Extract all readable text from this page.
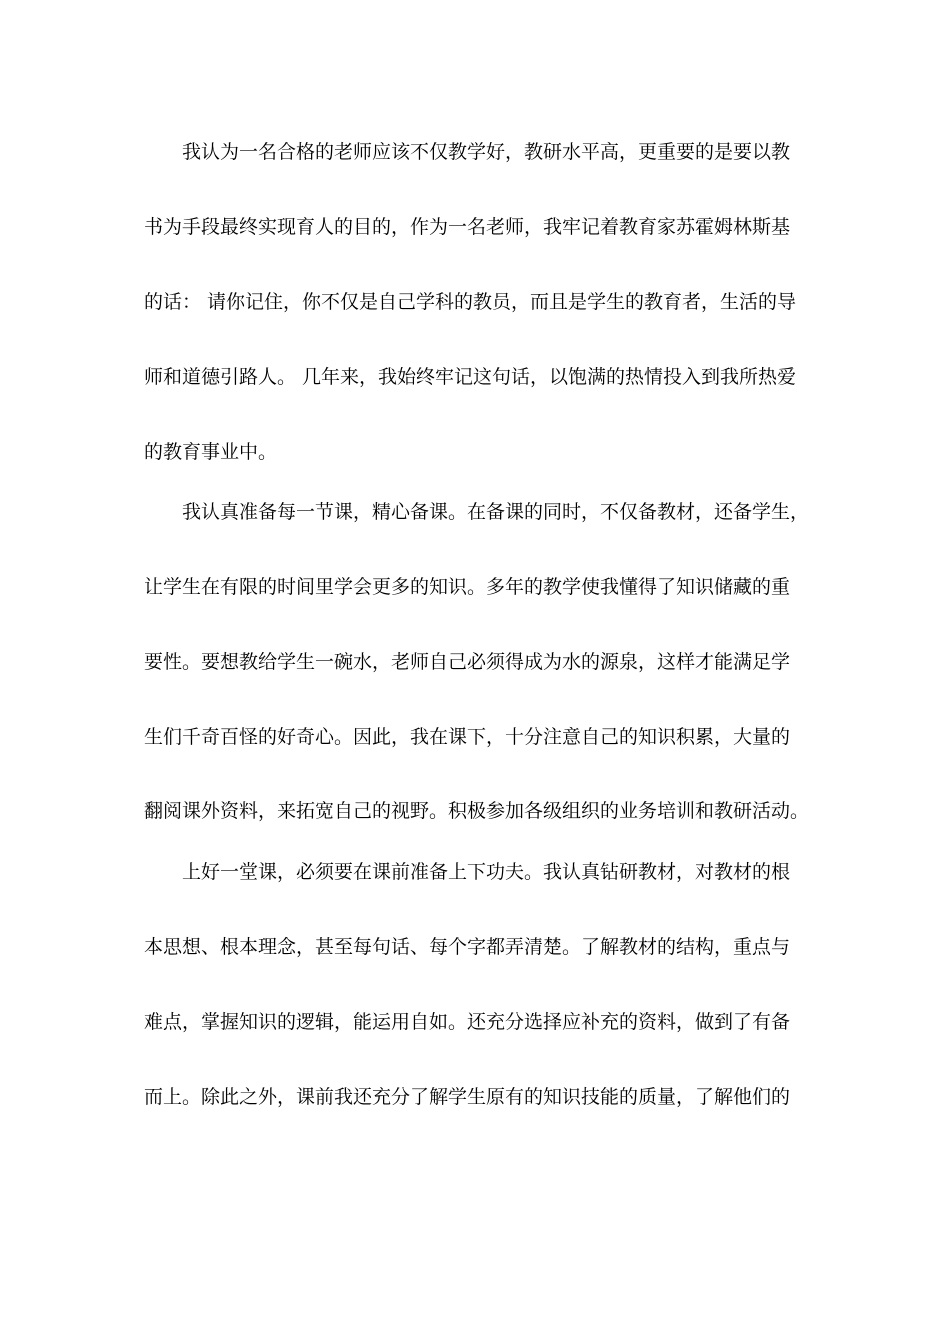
我认为一名合格的老师应该不仅教学好，教研水平高，更重要的是要以教
书为手段最终实现育人的目的，作为一名老师，我牢记着教育家苏霍姆林斯基
的话： 请你记住，你不仅是自己学科的教员，而且是学生的教育者，生活的导
师和道德引路人。 几年来，我始终牢记这句话，以饱满的热情投入到我所热爱
的教育事业中。
我认真准备每一节课，精心备课。在备课的同时，不仅备教材，还备学生，
让学生在有限的时间里学会更多的知识。多年的教学使我懂得了知识储藏的重
要性。要想教给学生一碗水，老师自己必须得成为水的源泉，这样才能满足学
生们千奇百怪的好奇心。因此，我在课下，十分注意自己的知识积累，大量的
翻阅课外资料，来拓宽自己的视野。积极参加各级组织的业务培训和教研活动。
上好一堂课，必须要在课前准备上下功夫。我认真钻研教材，对教材的根
本思想、根本理念，甚至每句话、每个字都弄清楚。了解教材的结构，重点与
难点，掌握知识的逻辑，能运用自如。还充分选择应补充的资料，做到了有备
而上。除此之外，课前我还充分了解学生原有的知识技能的质量，了解他们的
